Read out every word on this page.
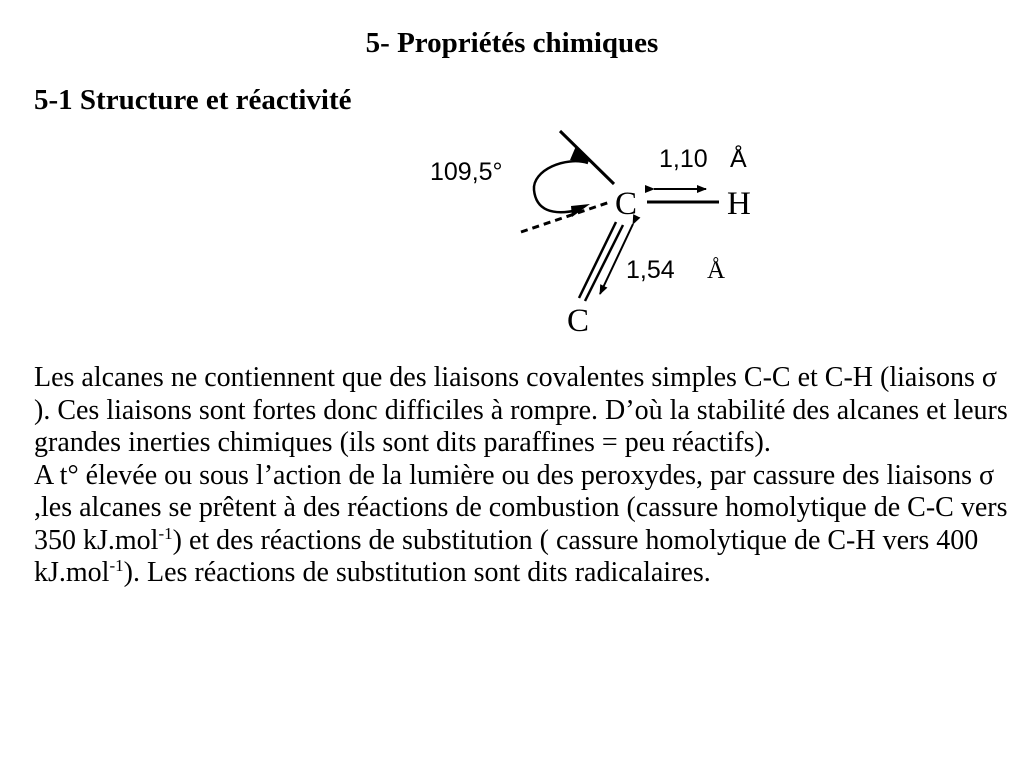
5- Propriétés chimiques
5-1 Structure et réactivité
109,5°
C	H
1,10 Å
1,54 Å
C

Les alcanes ne contiennent que des liaisons covalentes simples C-C et C-H (liaisons σ ). Ces liaisons sont fortes donc difficiles à rompre. D’où la stabilité des alcanes et leurs grandes inerties chimiques (ils sont dits paraffines = peu réactifs).

A t° élevée ou sous l’action de la lumière ou des peroxydes, par cassure des liaisons σ ,les alcanes se prêtent à des réactions de combustion (cassure homolytique de C-C vers 350 kJ.mol$^{-1}$) et des réactions de substitution ( cassure homolytique de C-H vers 400 kJ.mol$^{-1}$). Les réactions de substitution sont dits radicalaires.
